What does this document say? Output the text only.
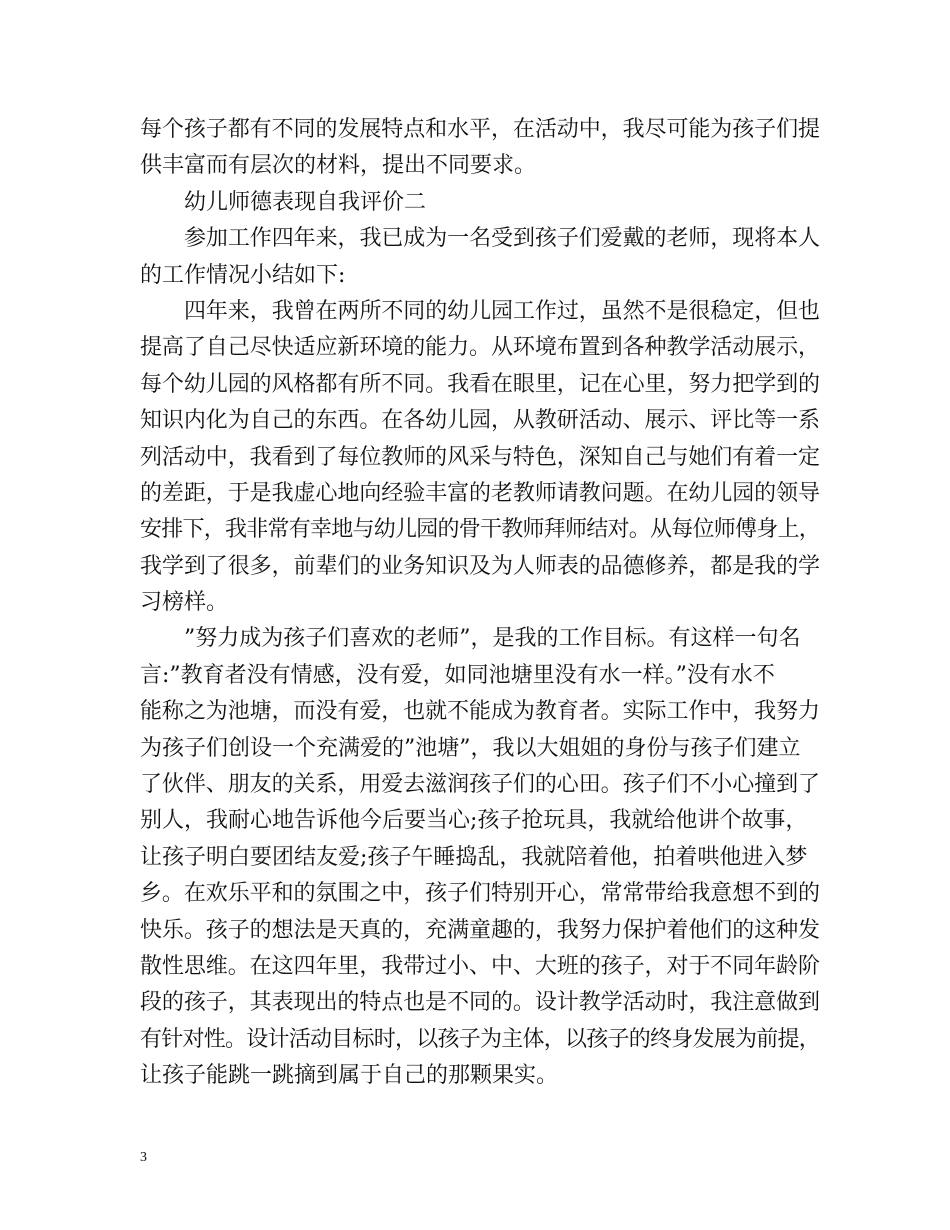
每个孩子都有不同的发展特点和水平，在活动中，我尽可能为孩子们提
供丰富而有层次的材料，提出不同要求。
幼儿师德表现自我评价二
参加工作四年来，我已成为一名受到孩子们爱戴的老师，现将本人
的工作情况小结如下:
四年来，我曾在两所不同的幼儿园工作过，虽然不是很稳定，但也
提高了自己尽快适应新环境的能力。从环境布置到各种教学活动展示，
每个幼儿园的风格都有所不同。我看在眼里，记在心里，努力把学到的
知识内化为自己的东西。在各幼儿园，从教研活动、展示、评比等一系
列活动中，我看到了每位教师的风采与特色，深知自己与她们有着一定
的差距，于是我虚心地向经验丰富的老教师请教问题。在幼儿园的领导
安排下，我非常有幸地与幼儿园的骨干教师拜师结对。从每位师傅身上，
我学到了很多，前辈们的业务知识及为人师表的品德修养，都是我的学
习榜样。
”努力成为孩子们喜欢的老师”，是我的工作目标。有这样一句名
言:”教育者没有情感，没有爱，如同池塘里没有水一样。”没有水不
能称之为池塘，而没有爱，也就不能成为教育者。实际工作中，我努力
为孩子们创设一个充满爱的”池塘”，我以大姐姐的身份与孩子们建立
了伙伴、朋友的关系，用爱去滋润孩子们的心田。孩子们不小心撞到了
别人，我耐心地告诉他今后要当心;孩子抢玩具，我就给他讲个故事，
让孩子明白要团结友爱;孩子午睡捣乱，我就陪着他，拍着哄他进入梦
乡。在欢乐平和的氛围之中，孩子们特别开心，常常带给我意想不到的
快乐。孩子的想法是天真的，充满童趣的，我努力保护着他们的这种发
散性思维。在这四年里，我带过小、中、大班的孩子，对于不同年龄阶
段的孩子，其表现出的特点也是不同的。设计教学活动时，我注意做到
有针对性。设计活动目标时，以孩子为主体，以孩子的终身发展为前提，
让孩子能跳一跳摘到属于自己的那颗果实。
3
